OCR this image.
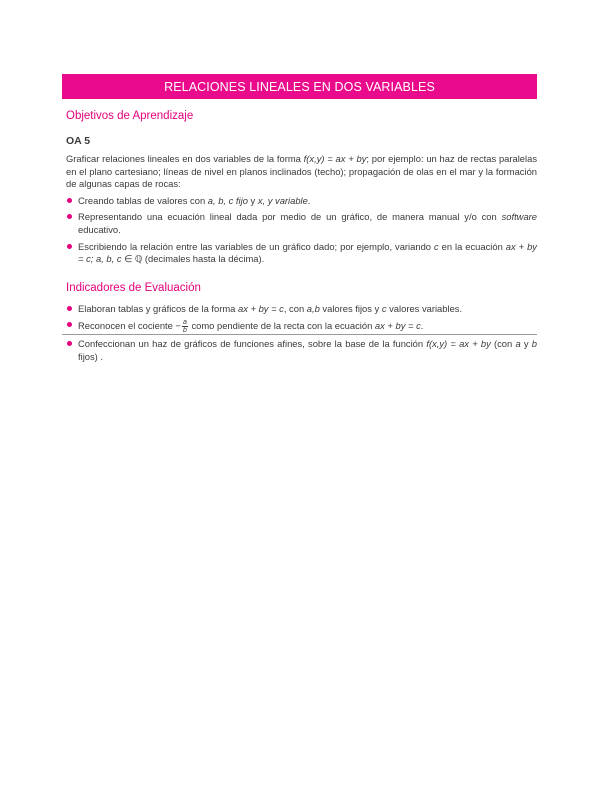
RELACIONES LINEALES EN DOS VARIABLES
Objetivos de Aprendizaje
OA 5

Graficar relaciones lineales en dos variables de la forma f(x,y) = ax + by; por ejemplo: un haz de rectas paralelas en el plano cartesiano; líneas de nivel en planos inclinados (techo); propagación de olas en el mar y la formación de algunas capas de rocas:

Creando tablas de valores con a, b, c fijo y x, y variable.
Representando una ecuación lineal dada por medio de un gráfico, de manera manual y/o con software educativo.
Escribiendo la relación entre las variables de un gráfico dado; por ejemplo, variando c en la ecuación ax + by = c; a, b, c ∈ ℚ (decimales hasta la décima).
Indicadores de Evaluación
Elaboran tablas y gráficos de la forma ax + by = c, con a,b valores fijos y c valores variables.
Reconocen el cociente − $\frac{a}{b}$ como pendiente de la recta con la ecuación ax + by = c.
Confeccionan un haz de gráficos de funciones afines, sobre la base de la función f(x,y) = ax + by (con a y b fijos) .
